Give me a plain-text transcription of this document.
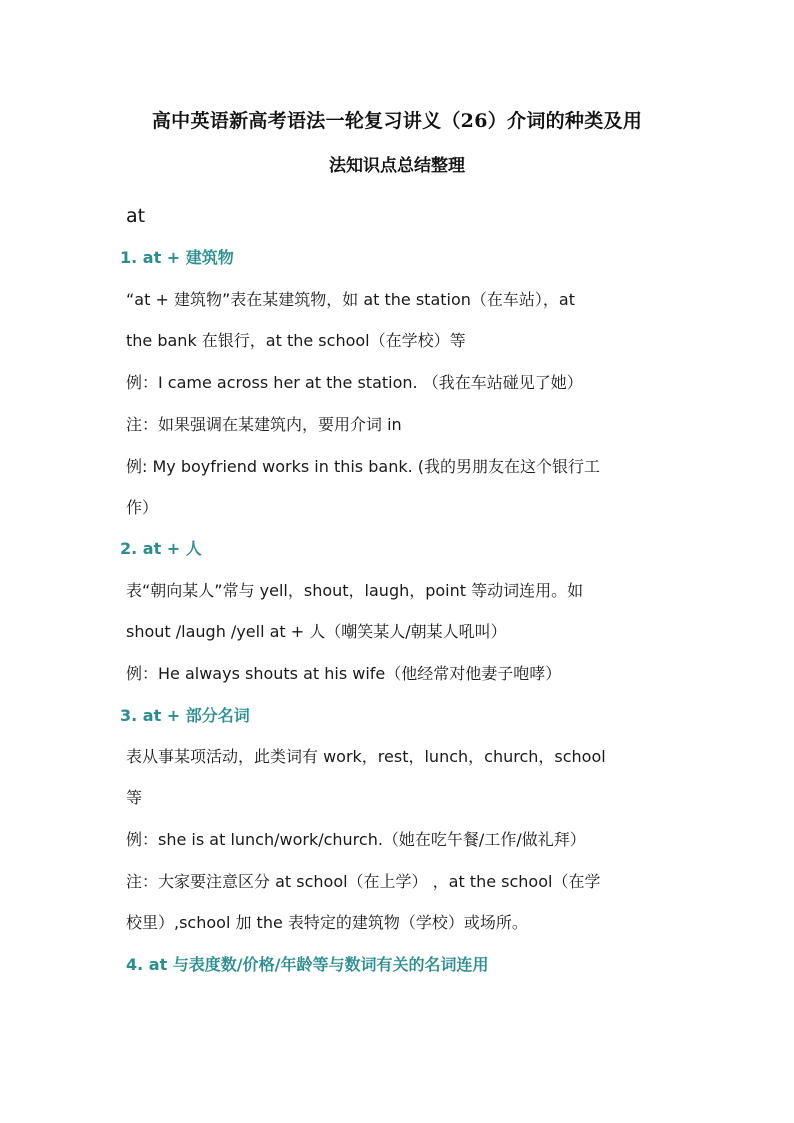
高中英语新高考语法一轮复习讲义（26）介词的种类及用
法知识点总结整理
at
1. at + 建筑物
“at + 建筑物”表在某建筑物，如 at the station（在车站），at
the bank 在银行，at the school（在学校）等
例：I came across her at the station. （我在车站碰见了她）
注：如果强调在某建筑内，要用介词 in
例: My boyfriend works in this bank. (我的男朋友在这个银行工
作）
2. at + 人
表“朝向某人”常与 yell，shout，laugh，point 等动词连用。如
shout /laugh /yell at + 人（嘲笑某人/朝某人吼叫）
例：He always shouts at his wife（他经常对他妻子咆哮）
3. at + 部分名词
表从事某项活动，此类词有 work，rest，lunch，church，school
等
例：she is at lunch/work/church.（她在吃午餐/工作/做礼拜）
注：大家要注意区分 at school（在上学） ，at the school（在学
校里）,school 加 the 表特定的建筑物（学校）或场所。
4. at 与表度数/价格/年龄等与数词有关的名词连用
